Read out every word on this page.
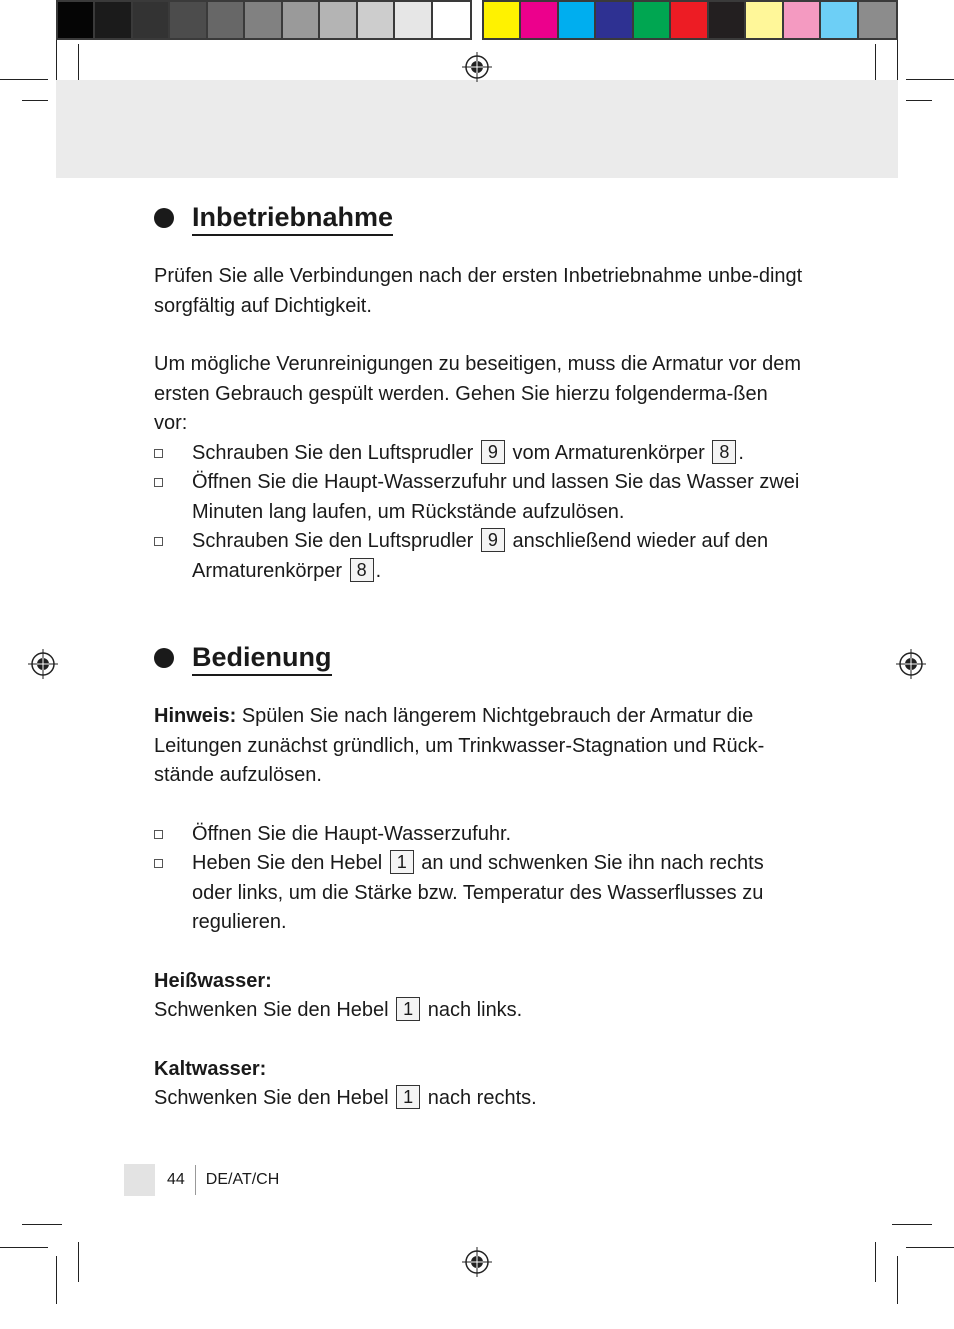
Inbetriebnahme

Prüfen Sie alle Verbindungen nach der ersten Inbetriebnahme unbe-dingt sorgfältig auf Dichtigkeit.

Um mögliche Verunreinigungen zu beseitigen, muss die Armatur vor dem ersten Gebrauch gespült werden. Gehen Sie hierzu folgenderma-ßen vor:

Schrauben Sie den Luftsprudler 9 vom Armaturenkörper 8 .
Öffnen Sie die Haupt-Wasserzufuhr und lassen Sie das Wasser zwei Minuten lang laufen, um Rückstände aufzulösen.
Schrauben Sie den Luftsprudler 9 anschließend wieder auf den Armaturenkörper 8 .
Bedienung

Hinweis: Spülen Sie nach längerem Nichtgebrauch der Armatur die Leitungen zunächst gründlich, um Trinkwasser-Stagnation und Rück-stände aufzulösen.

Öffnen Sie die Haupt-Wasserzufuhr.
Heben Sie den Hebel 1 an und schwenken Sie ihn nach rechts oder links, um die Stärke bzw. Temperatur des Wasserflusses zu regulieren.

Heißwasser:

Schwenken Sie den Hebel 1 nach links.

Kaltwasser:

Schwenken Sie den Hebel 1 nach rechts.

44 DE/AT/CH
